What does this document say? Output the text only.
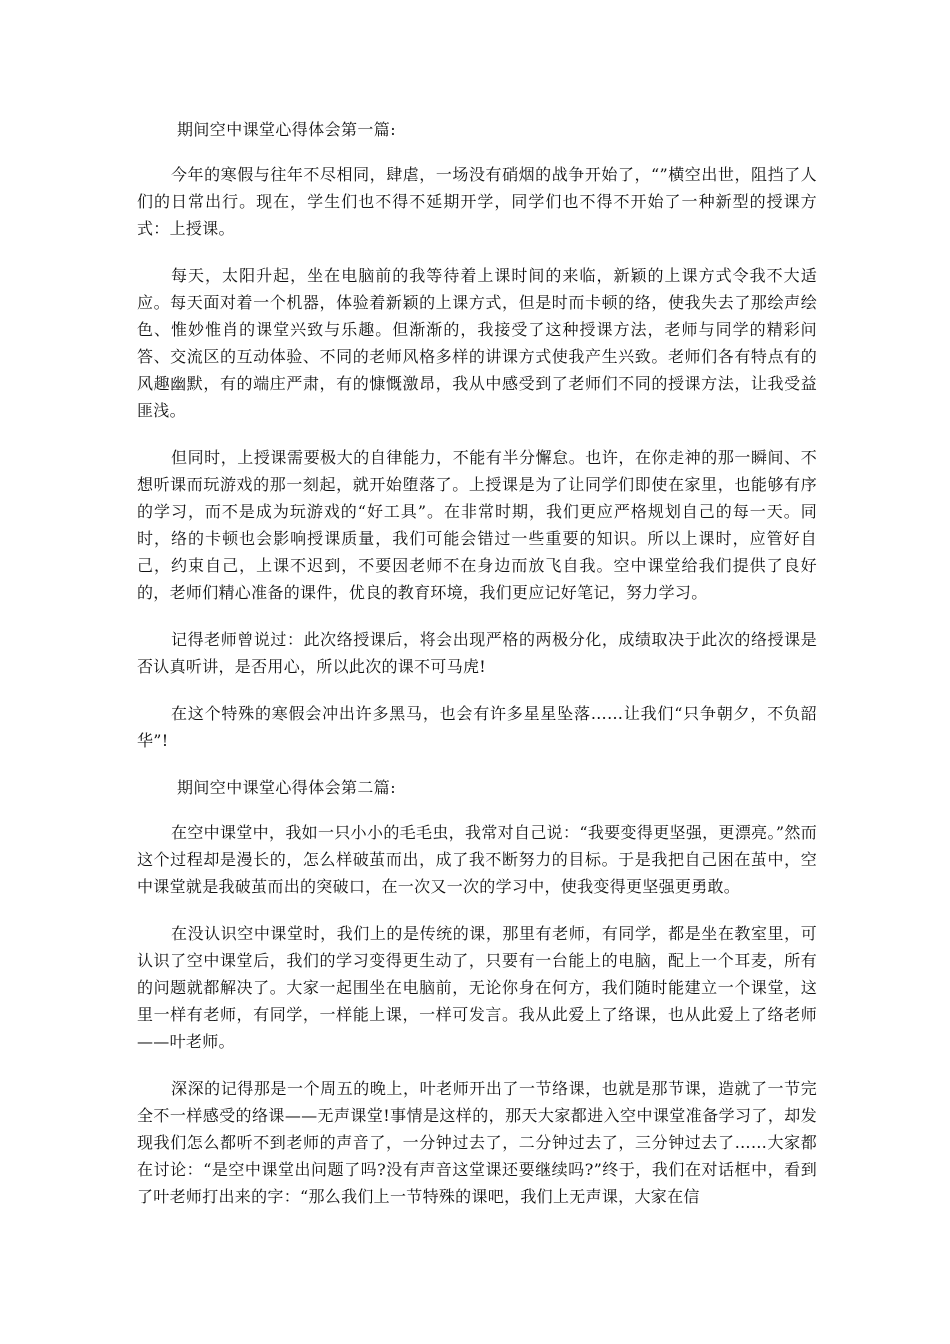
期间空中课堂心得体会第一篇:

今年的寒假与往年不尽相同，肆虐，一场没有硝烟的战争开始了，“”横空出世，阻挡了人们的日常出行。现在，学生们也不得不延期开学，同学们也不得不开始了一种新型的授课方式：上授课。

每天，太阳升起，坐在电脑前的我等待着上课时间的来临，新颖的上课方式令我不大适应。每天面对着一个机器，体验着新颖的上课方式，但是时而卡顿的络，使我失去了那绘声绘色、惟妙惟肖的课堂兴致与乐趣。但渐渐的，我接受了这种授课方法，老师与同学的精彩问答、交流区的互动体验、不同的老师风格多样的讲课方式使我产生兴致。老师们各有特点有的风趣幽默，有的端庄严肃，有的慷慨激昂，我从中感受到了老师们不同的授课方法，让我受益匪浅。

但同时，上授课需要极大的自律能力，不能有半分懈怠。也许，在你走神的那一瞬间、不想听课而玩游戏的那一刻起，就开始堕落了。上授课是为了让同学们即使在家里，也能够有序的学习，而不是成为玩游戏的“好工具”。在非常时期，我们更应严格规划自己的每一天。同时，络的卡顿也会影响授课质量，我们可能会错过一些重要的知识。所以上课时，应管好自己，约束自己，上课不迟到，不要因老师不在身边而放飞自我。空中课堂给我们提供了良好的，老师们精心准备的课件，优良的教育环境，我们更应记好笔记，努力学习。

记得老师曾说过：此次络授课后，将会出现严格的两极分化，成绩取决于此次的络授课是否认真听讲，是否用心，所以此次的课不可马虎!

在这个特殊的寒假会冲出许多黑马，也会有许多星星坠落……让我们“只争朝夕，不负韶华”!

期间空中课堂心得体会第二篇:

在空中课堂中，我如一只小小的毛毛虫，我常对自己说：“我要变得更坚强，更漂亮。”然而这个过程却是漫长的，怎么样破茧而出，成了我不断努力的目标。于是我把自己困在茧中，空中课堂就是我破茧而出的突破口，在一次又一次的学习中，使我变得更坚强更勇敢。

在没认识空中课堂时，我们上的是传统的课，那里有老师，有同学，都是坐在教室里，可认识了空中课堂后，我们的学习变得更生动了，只要有一台能上的电脑，配上一个耳麦，所有的问题就都解决了。大家一起围坐在电脑前，无论你身在何方，我们随时能建立一个课堂，这里一样有老师，有同学，一样能上课，一样可发言。我从此爱上了络课，也从此爱上了络老师——叶老师。

深深的记得那是一个周五的晚上，叶老师开出了一节络课，也就是那节课，造就了一节完全不一样感受的络课——无声课堂!事情是这样的，那天大家都进入空中课堂准备学习了，却发现我们怎么都听不到老师的声音了，一分钟过去了，二分钟过去了，三分钟过去了……大家都在讨论：“是空中课堂出问题了吗?没有声音这堂课还要继续吗?”终于，我们在对话框中，看到了叶老师打出来的字：“那么我们上一节特殊的课吧，我们上无声课，大家在信
